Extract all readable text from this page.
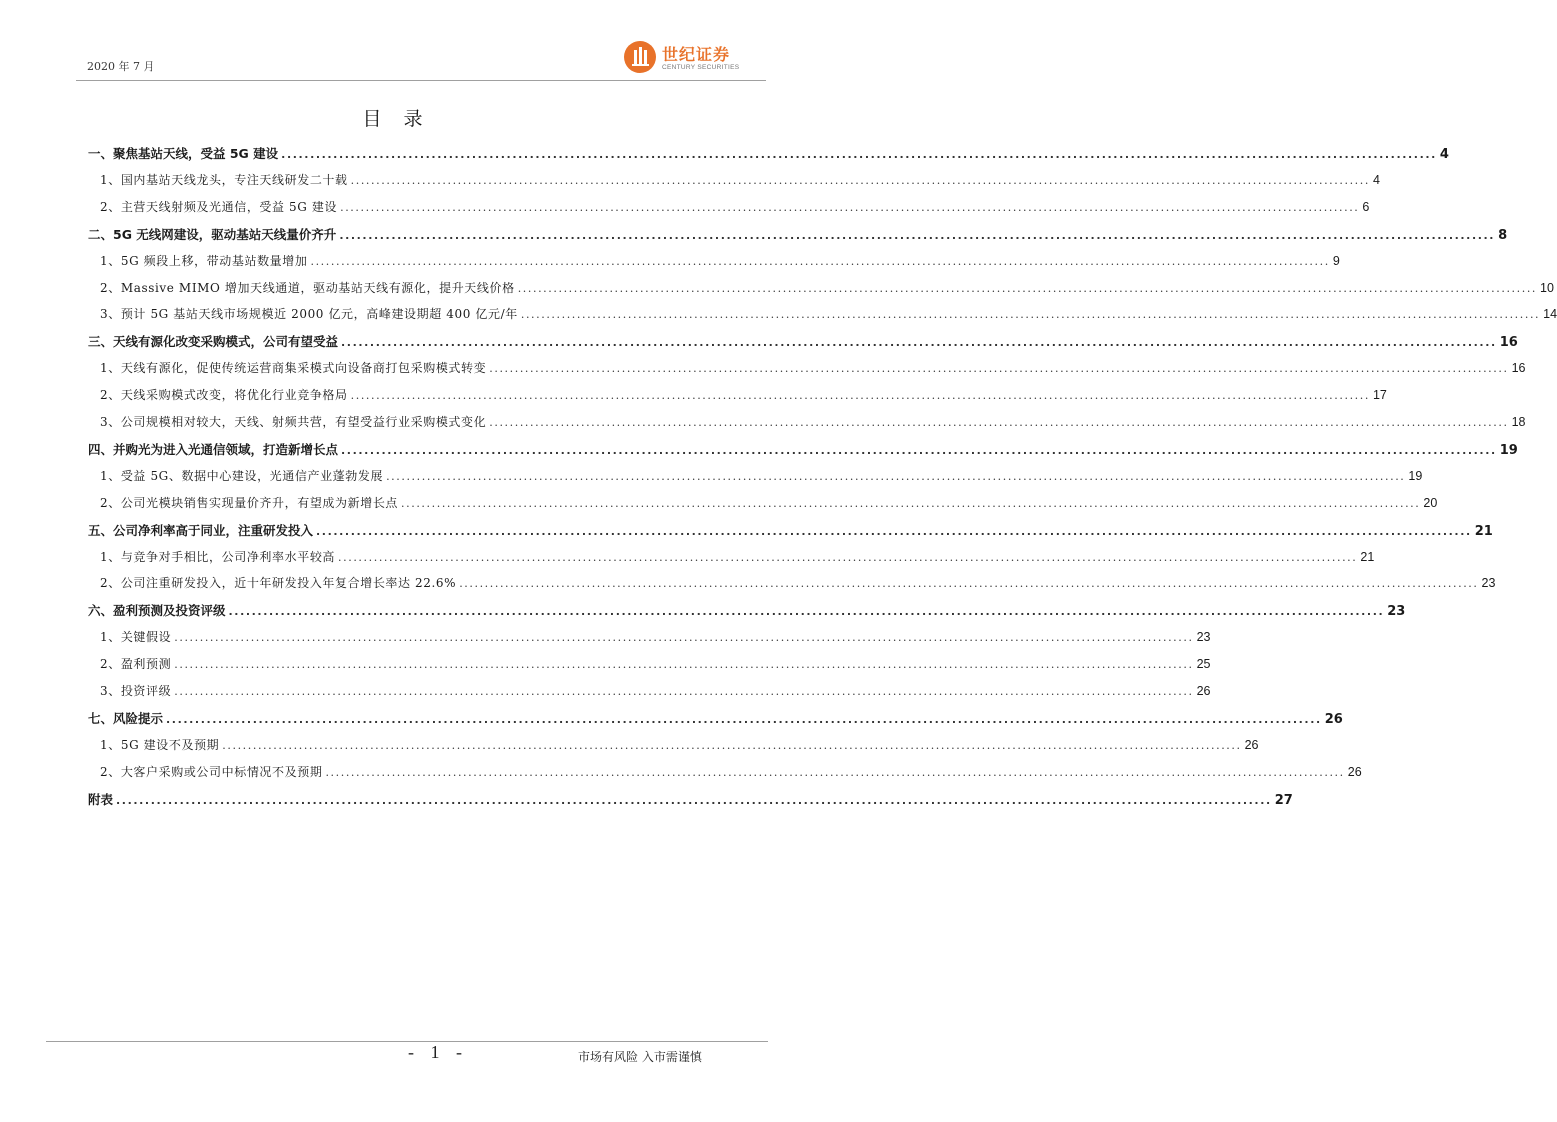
2020 年 7 月
世纪证券
CENTURY SECURITIES
目 录
一、聚焦基站天线，受益 5G 建设 ........................................................................................................................................................................................................ 4
1、国内基站天线龙头，专注天线研发二十载 ........................................................................................................................................................................................................ 4
2、主营天线射频及光通信，受益 5G 建设 ........................................................................................................................................................................................................ 6
二、5G 无线网建设，驱动基站天线量价齐升 ........................................................................................................................................................................................................ 8
1、5G 频段上移，带动基站数量增加 ........................................................................................................................................................................................................ 9
2、Massive MIMO 增加天线通道，驱动基站天线有源化，提升天线价格 ........................................................................................................................................................................................................ 10
3、预计 5G 基站天线市场规模近 2000 亿元，高峰建设期超 400 亿元/年 ........................................................................................................................................................................................................ 14
三、天线有源化改变采购模式，公司有望受益 ........................................................................................................................................................................................................ 16
1、天线有源化，促使传统运营商集采模式向设备商打包采购模式转变 ........................................................................................................................................................................................................ 16
2、天线采购模式改变，将优化行业竞争格局 ........................................................................................................................................................................................................ 17
3、公司规模相对较大，天线、射频共营，有望受益行业采购模式变化 ........................................................................................................................................................................................................ 18
四、并购光为进入光通信领域，打造新增长点 ........................................................................................................................................................................................................ 19
1、受益 5G、数据中心建设，光通信产业蓬勃发展 ........................................................................................................................................................................................................ 19
2、公司光模块销售实现量价齐升，有望成为新增长点 ........................................................................................................................................................................................................ 20
五、公司净利率高于同业，注重研发投入 ........................................................................................................................................................................................................ 21
1、与竞争对手相比，公司净利率水平较高 ........................................................................................................................................................................................................ 21
2、公司注重研发投入，近十年研发投入年复合增长率达 22.6% ........................................................................................................................................................................................................ 23
六、盈利预测及投资评级 ........................................................................................................................................................................................................ 23
1、关键假设 ........................................................................................................................................................................................................ 23
2、盈利预测 ........................................................................................................................................................................................................ 25
3、投资评级 ........................................................................................................................................................................................................ 26
七、风险提示 ........................................................................................................................................................................................................ 26
1、5G 建设不及预期 ........................................................................................................................................................................................................ 26
2、大客户采购或公司中标情况不及预期 ........................................................................................................................................................................................................ 26
附表 ........................................................................................................................................................................................................ 27
- 1 -	市场有风险 入市需谨慎
